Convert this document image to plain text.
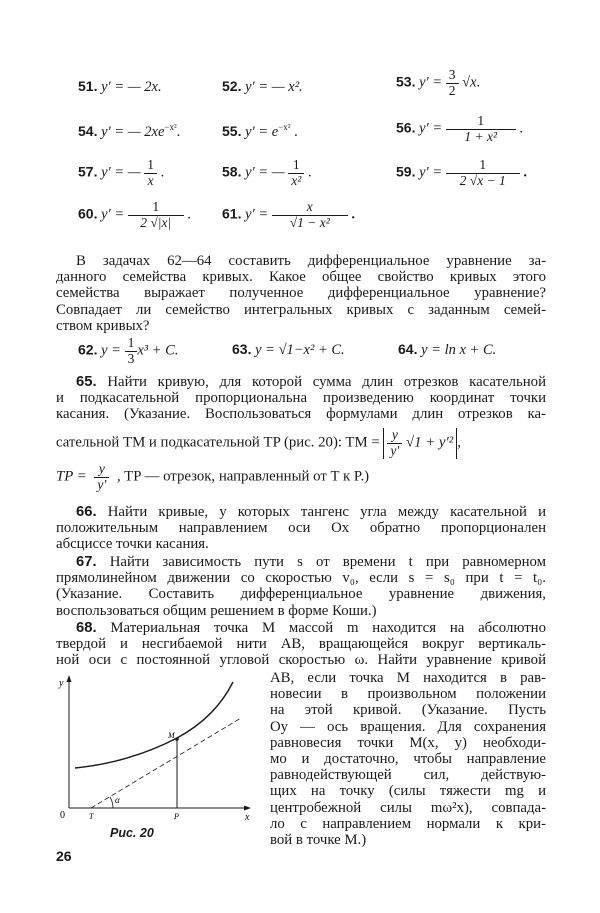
51. y′ = — 2x.	52. y′ = — x².	53. $y' = \frac{3}{2} √x$.
54. y′ = — $2xe^{-x^2}$.	55. $y' = e^{-x^2}$ .	56. $y' = \frac{1}{\text{1 + x²}}$ .
57. y′ = — $\frac{1}{x}$ .	58. y′ = — $\frac{1}{\text{x²}}$ .	59. $y' = \frac{1}{2 √x - 1}$ .
60. $y' = \frac{1}{2 √|x|}$ . 61. $y' = \frac{x}{\text{√1 − x²}}$ .
В задачах 62—64 составить дифференциальное уравнение за-
данного семейства кривых. Какое общее свойство кривых этого
семейства выражает полученное дифференциальное уравнение?
Совпадает ли семейство интегральных кривых с заданным семей-
ством кривых?
62. $y = \frac{1}{3} x^3 + C$.	63. y = √1−x² + C.	64. y = ln x + C.
65. Найти кривую, для которой сумма длин отрезков касательной
и подкасательной пропорциональна произведению координат точки
касания. (Указание. Воспользоваться формулами длин отрезков ка-
сательной TM и подкасательной TP (рис. 20): TM = $\frac{y}{y'} √1 + y'^2$ ,
TP = $\frac{y}{y'}$ , TP — отрезок, направленный от T к P.)
66. Найти кривые, у которых тангенс угла между касательной и
положительным направлением оси Ox обратно пропорционален
абсциссе точки касания.
67. Найти зависимость пути s от времени t при равномерном
прямолинейном движении со скоростью v₀, если s = s₀ при t = t₀.
(Указание. Составить дифференциальное уравнение движения,
воспользоваться общим решением в форме Коши.)
68. Материальная точка M массой m находится на абсолютно
твердой и несгибаемой нити AB, вращающейся вокруг вертикаль-
ной оси с постоянной угловой скоростью ω. Найти уравнение кривой
AB, если точка M находится в рав-
новесии в произвольном положении
на этой кривой. (Указание. Пусть
Oy — ось вращения. Для сохранения
равновесия точки M(x, y) необходи-
мо и достаточно, чтобы направление
равнодействующей сил, действую-
щих на точку (силы тяжести mg и
центробежной силы mω²x), совпада-
ло с направлением нормали к кри-
вой в точке M.)
y
x
0	T	P
M
α
Рис. 20
26
